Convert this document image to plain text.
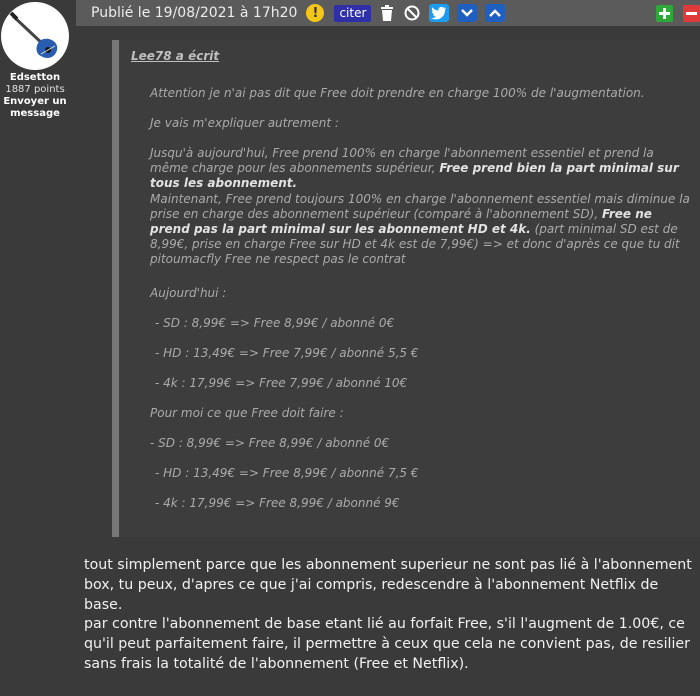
Edsetton
1887 points
Envoyer un message
Publié le 19/08/2021 à 17h20	!	citer
Lee78 a écrit
Attention je n'ai pas dit que Free doit prendre en charge 100% de l'augmentation.
Je vais m'expliquer autrement :
Jusqu'à aujourd'hui, Free prend 100% en charge l'abonnement essentiel et prend la même charge pour les abonnements supérieur, Free prend bien la part minimal sur tous les abonnement.
Maintenant, Free prend toujours 100% en charge l'abonnement essentiel mais diminue la prise en charge des abonnement supérieur (comparé à l'abonnement SD), Free ne prend pas la part minimal sur les abonnement HD et 4k. (part minimal SD est de 8,99€, prise en charge Free sur HD et 4k est de 7,99€) => et donc d'après ce que tu dit pitoumacfly Free ne respect pas le contrat
Aujourd'hui :
- SD : 8,99€ => Free 8,99€ / abonné 0€
- HD : 13,49€ => Free 7,99€ / abonné 5,5 €
- 4k : 17,99€ => Free 7,99€ / abonné 10€
Pour moi ce que Free doit faire :
- SD : 8,99€ => Free 8,99€ / abonné 0€
- HD : 13,49€ => Free 8,99€ / abonné 7,5 €
- 4k : 17,99€ => Free 8,99€ / abonné 9€
tout simplement parce que les abonnement superieur ne sont pas lié à l'abonnement box, tu peux, d'apres ce que j'ai compris, redescendre à l'abonnement Netflix de base.
par contre l'abonnement de base etant lié au forfait Free, s'il l'augment de 1.00€, ce qu'il peut parfaitement faire, il permettre à ceux que cela ne convient pas, de resilier sans frais la totalité de l'abonnement (Free et Netflix).
